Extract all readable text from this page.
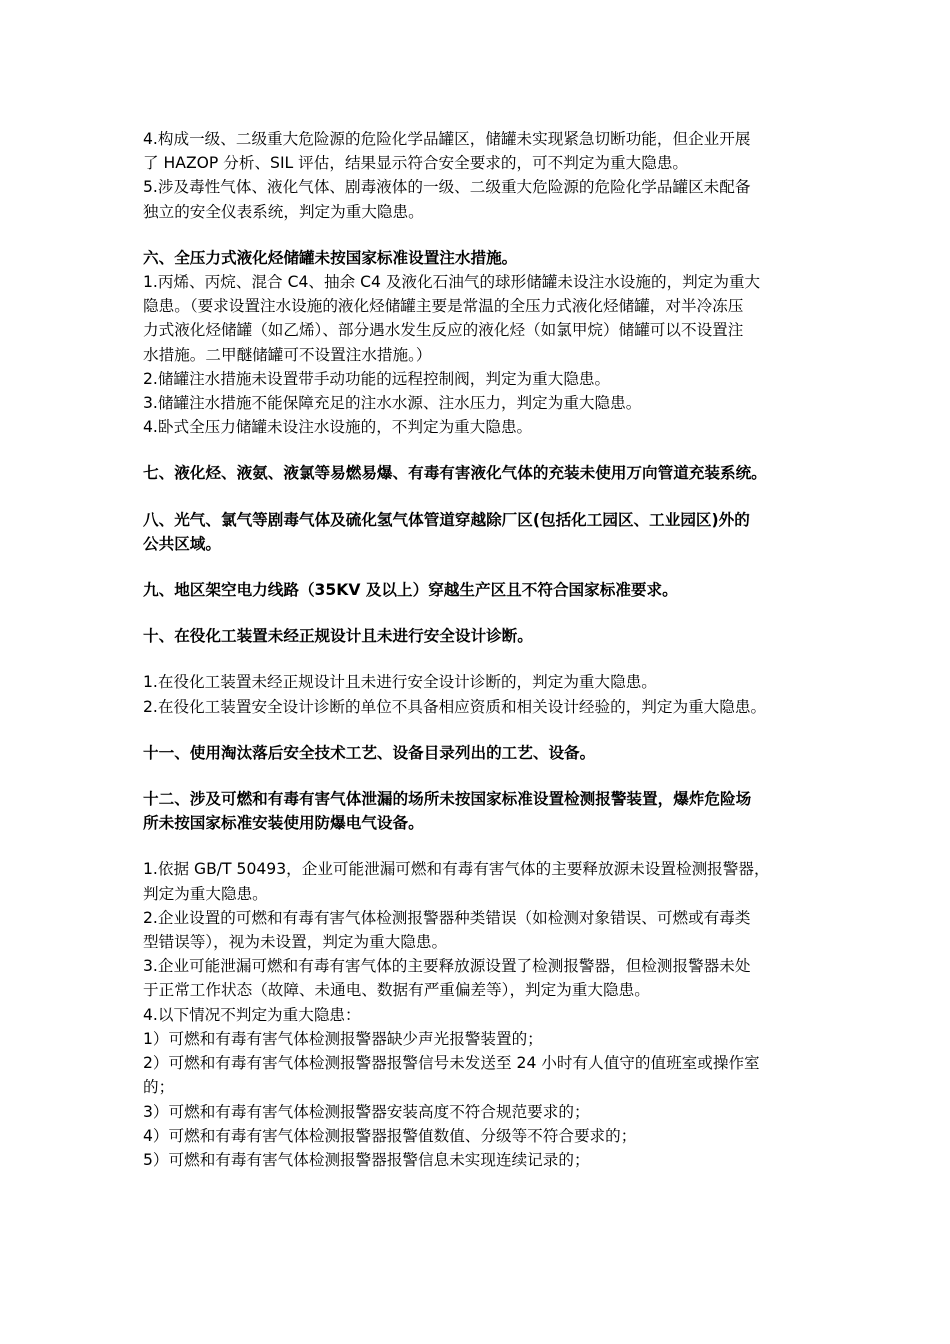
4.构成一级、二级重大危险源的危险化学品罐区，储罐未实现紧急切断功能，但企业开展
了 HAZOP 分析、SIL 评估，结果显示符合安全要求的，可不判定为重大隐患。
5.涉及毒性气体、液化气体、剧毒液体的一级、二级重大危险源的危险化学品罐区未配备
独立的安全仪表系统，判定为重大隐患。
六、全压力式液化烃储罐未按国家标准设置注水措施。
1.丙烯、丙烷、混合 C4、抽余 C4 及液化石油气的球形储罐未设注水设施的，判定为重大
隐患。（要求设置注水设施的液化烃储罐主要是常温的全压力式液化烃储罐，对半冷冻压
力式液化烃储罐（如乙烯）、部分遇水发生反应的液化烃（如氯甲烷）储罐可以不设置注
水措施。二甲醚储罐可不设置注水措施。）
2.储罐注水措施未设置带手动功能的远程控制阀，判定为重大隐患。
3.储罐注水措施不能保障充足的注水水源、注水压力，判定为重大隐患。
4.卧式全压力储罐未设注水设施的，不判定为重大隐患。
七、液化烃、液氨、液氯等易燃易爆、有毒有害液化气体的充装未使用万向管道充装系统。
八、光气、氯气等剧毒气体及硫化氢气体管道穿越除厂区(包括化工园区、工业园区)外的
公共区域。
九、地区架空电力线路（35KV 及以上）穿越生产区且不符合国家标准要求。
十、在役化工装置未经正规设计且未进行安全设计诊断。
1.在役化工装置未经正规设计且未进行安全设计诊断的，判定为重大隐患。
2.在役化工装置安全设计诊断的单位不具备相应资质和相关设计经验的，判定为重大隐患。
十一、使用淘汰落后安全技术工艺、设备目录列出的工艺、设备。
十二、涉及可燃和有毒有害气体泄漏的场所未按国家标准设置检测报警装置，爆炸危险场
所未按国家标准安装使用防爆电气设备。
1.依据 GB/T 50493，企业可能泄漏可燃和有毒有害气体的主要释放源未设置检测报警器，
判定为重大隐患。
2.企业设置的可燃和有毒有害气体检测报警器种类错误（如检测对象错误、可燃或有毒类
型错误等），视为未设置，判定为重大隐患。
3.企业可能泄漏可燃和有毒有害气体的主要释放源设置了检测报警器，但检测报警器未处
于正常工作状态（故障、未通电、数据有严重偏差等），判定为重大隐患。
4.以下情况不判定为重大隐患：
1）可燃和有毒有害气体检测报警器缺少声光报警装置的；
2）可燃和有毒有害气体检测报警器报警信号未发送至 24 小时有人值守的值班室或操作室
的；
3）可燃和有毒有害气体检测报警器安装高度不符合规范要求的；
4）可燃和有毒有害气体检测报警器报警值数值、分级等不符合要求的；
5）可燃和有毒有害气体检测报警器报警信息未实现连续记录的；
